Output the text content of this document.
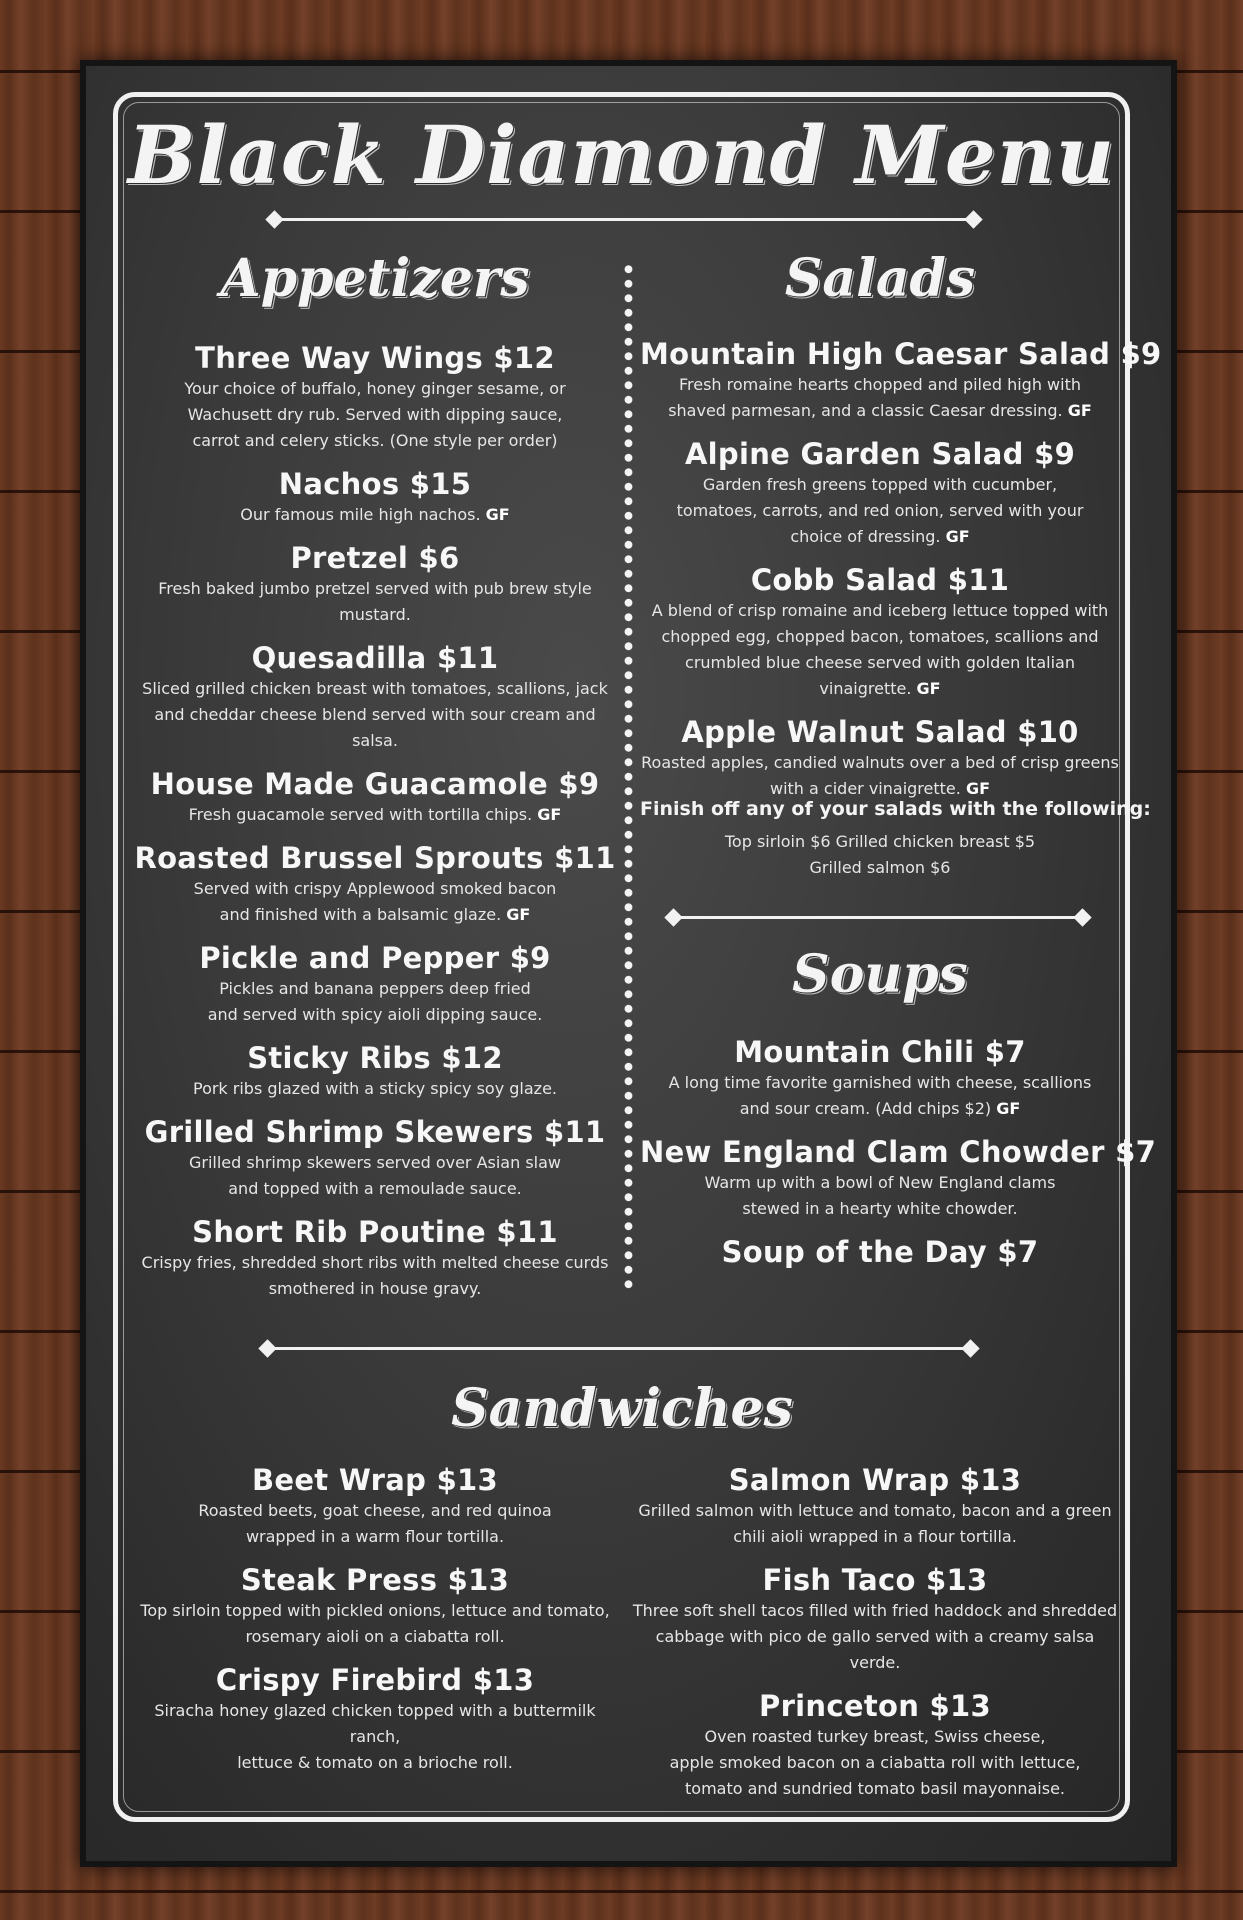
Black Diamond Menu
Appetizers
Three Way Wings $12
Your choice of buffalo, honey ginger sesame, or
Wachusett dry rub. Served with dipping sauce,
carrot and celery sticks. (One style per order)
Nachos $15
Our famous mile high nachos. GF
Pretzel $6
Fresh baked jumbo pretzel served with pub brew style mustard.
Quesadilla $11
Sliced grilled chicken breast with tomatoes, scallions, jack
and cheddar cheese blend served with sour cream and salsa.
House Made Guacamole $9
Fresh guacamole served with tortilla chips. GF
Roasted Brussel Sprouts $11
Served with crispy Applewood smoked bacon
and finished with a balsamic glaze. GF
Pickle and Pepper $9
Pickles and banana peppers deep fried
and served with spicy aioli dipping sauce.
Sticky Ribs $12
Pork ribs glazed with a sticky spicy soy glaze.
Grilled Shrimp Skewers $11
Grilled shrimp skewers served over Asian slaw
and topped with a remoulade sauce.
Short Rib Poutine $11
Crispy fries, shredded short ribs with melted cheese curds
smothered in house gravy.
Salads
Mountain High Caesar Salad $9
Fresh romaine hearts chopped and piled high with
shaved parmesan, and a classic Caesar dressing. GF
Alpine Garden Salad $9
Garden fresh greens topped with cucumber,
tomatoes, carrots, and red onion, served with your
choice of dressing. GF
Cobb Salad $11
A blend of crisp romaine and iceberg lettuce topped with
chopped egg, chopped bacon, tomatoes, scallions and
crumbled blue cheese served with golden Italian vinaigrette. GF
Apple Walnut Salad $10
Roasted apples, candied walnuts over a bed of crisp greens
with a cider vinaigrette. GF
Finish off any of your salads with the following:
Top sirloin $6 Grilled chicken breast $5
Grilled salmon $6
Soups
Mountain Chili $7
A long time favorite garnished with cheese, scallions
and sour cream. (Add chips $2) GF
New England Clam Chowder $7
Warm up with a bowl of New England clams
stewed in a hearty white chowder.
Soup of the Day $7
Sandwiches
Beet Wrap $13
Roasted beets, goat cheese, and red quinoa
wrapped in a warm flour tortilla.
Steak Press $13
Top sirloin topped with pickled onions, lettuce and tomato,
rosemary aioli on a ciabatta roll.
Crispy Firebird $13
Siracha honey glazed chicken topped with a buttermilk ranch,
lettuce & tomato on a brioche roll.
Salmon Wrap $13
Grilled salmon with lettuce and tomato, bacon and a green
chili aioli wrapped in a flour tortilla.
Fish Taco $13
Three soft shell tacos filled with fried haddock and shredded
cabbage with pico de gallo served with a creamy salsa verde.
Princeton $13
Oven roasted turkey breast, Swiss cheese,
apple smoked bacon on a ciabatta roll with lettuce,
tomato and sundried tomato basil mayonnaise.
